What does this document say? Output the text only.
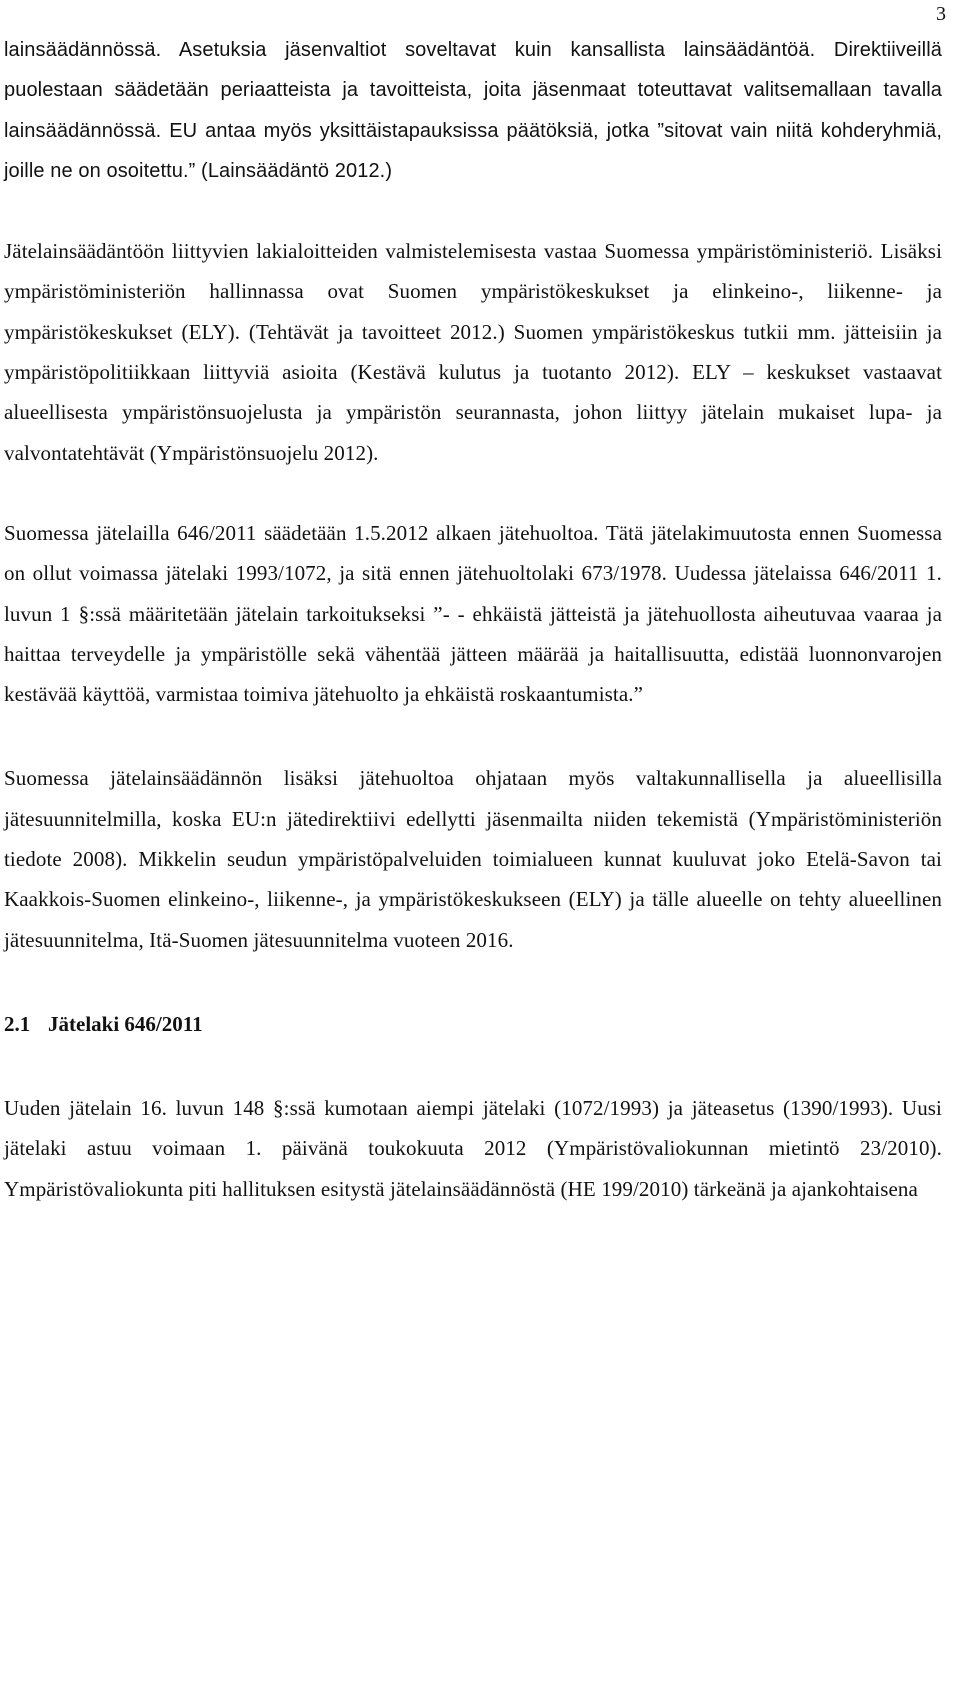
3

lainsäädännössä. Asetuksia jäsenvaltiot soveltavat kuin kansallista lainsäädäntöä. Direktiiveillä puolestaan säädetään periaatteista ja tavoitteista, joita jäsenmaat toteuttavat valitsemallaan tavalla lainsäädännössä. EU antaa myös yksittäistapauksissa päätöksiä, jotka ”sitovat vain niitä kohderyhmiä, joille ne on osoitettu.” (Lainsäädäntö 2012.)

Jätelainsäädäntöön liittyvien lakialoitteiden valmistelemisesta vastaa Suomessa ympäristöministeriö. Lisäksi ympäristöministeriön hallinnassa ovat Suomen ympäristökeskukset ja elinkeino-, liikenne- ja ympäristökeskukset (ELY). (Tehtävät ja tavoitteet 2012.) Suomen ympäristökeskus tutkii mm. jätteisiin ja ympäristöpolitiikkaan liittyviä asioita (Kestävä kulutus ja tuotanto 2012). ELY – keskukset vastaavat alueellisesta ympäristönsuojelusta ja ympäristön seurannasta, johon liittyy jätelain mukaiset lupa- ja valvontatehtävät (Ympäristönsuojelu 2012).

Suomessa jätelailla 646/2011 säädetään 1.5.2012 alkaen jätehuoltoa. Tätä jätelakimuutosta ennen Suomessa on ollut voimassa jätelaki 1993/1072, ja sitä ennen jätehuoltolaki 673/1978. Uudessa jätelaissa 646/2011 1. luvun 1 §:ssä määritetään jätelain tarkoitukseksi ”- - ehkäistä jätteistä ja jätehuollosta aiheutuvaa vaaraa ja haittaa terveydelle ja ympäristölle sekä vähentää jätteen määrää ja haitallisuutta, edistää luonnonvarojen kestävää käyttöä, varmistaa toimiva jätehuolto ja ehkäistä roskaantumista.”

Suomessa jätelainsäädännön lisäksi jätehuoltoa ohjataan myös valtakunnallisella ja alueellisilla jätesuunnitelmilla, koska EU:n jätedirektiivi edellytti jäsenmailta niiden tekemistä (Ympäristöministeriön tiedote 2008). Mikkelin seudun ympäristöpalveluiden toimialueen kunnat kuuluvat joko Etelä-Savon tai Kaakkois-Suomen elinkeino-, liikenne-, ja ympäristökeskukseen (ELY) ja tälle alueelle on tehty alueellinen jätesuunnitelma, Itä-Suomen jätesuunnitelma vuoteen 2016.

2.1 Jätelaki 646/2011

Uuden jätelain 16. luvun 148 §:ssä kumotaan aiempi jätelaki (1072/1993) ja jäteasetus (1390/1993). Uusi jätelaki astuu voimaan 1. päivänä toukokuuta 2012 (Ympäristövaliokunnan mietintö 23/2010). Ympäristövaliokunta piti hallituksen esitystä jätelainsäädännöstä (HE 199/2010) tärkeänä ja ajankohtaisena
